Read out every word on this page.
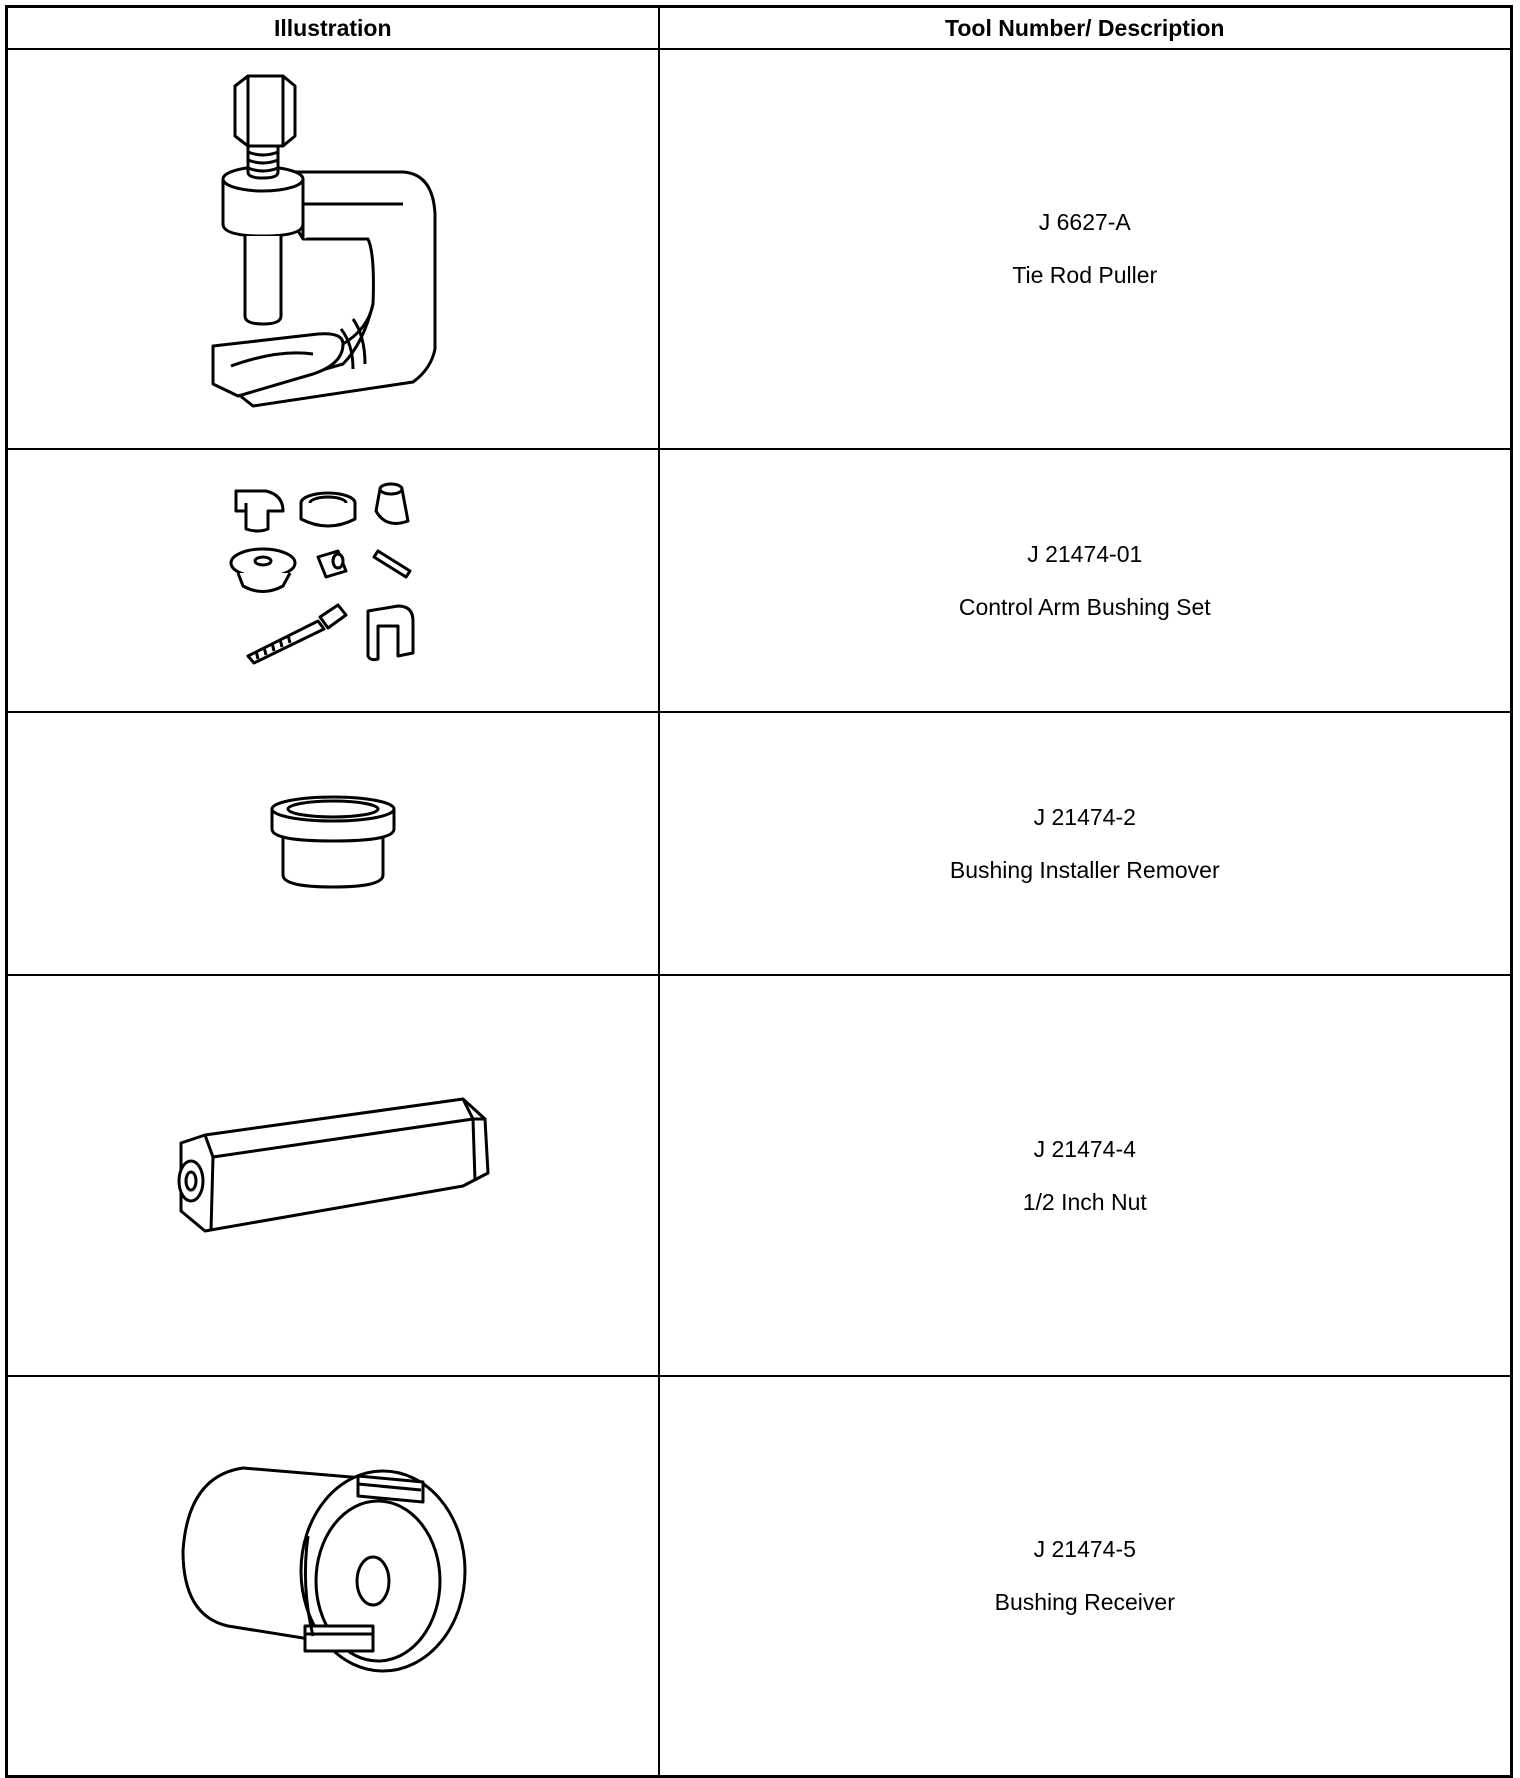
Illustration	Tool Number/ Description

J 6627-A
Tie Rod Puller

J 21474-01
Control Arm Bushing Set

J 21474-2
Bushing Installer Remover

J 21474-4
1/2 Inch Nut

J 21474-5
Bushing Receiver
